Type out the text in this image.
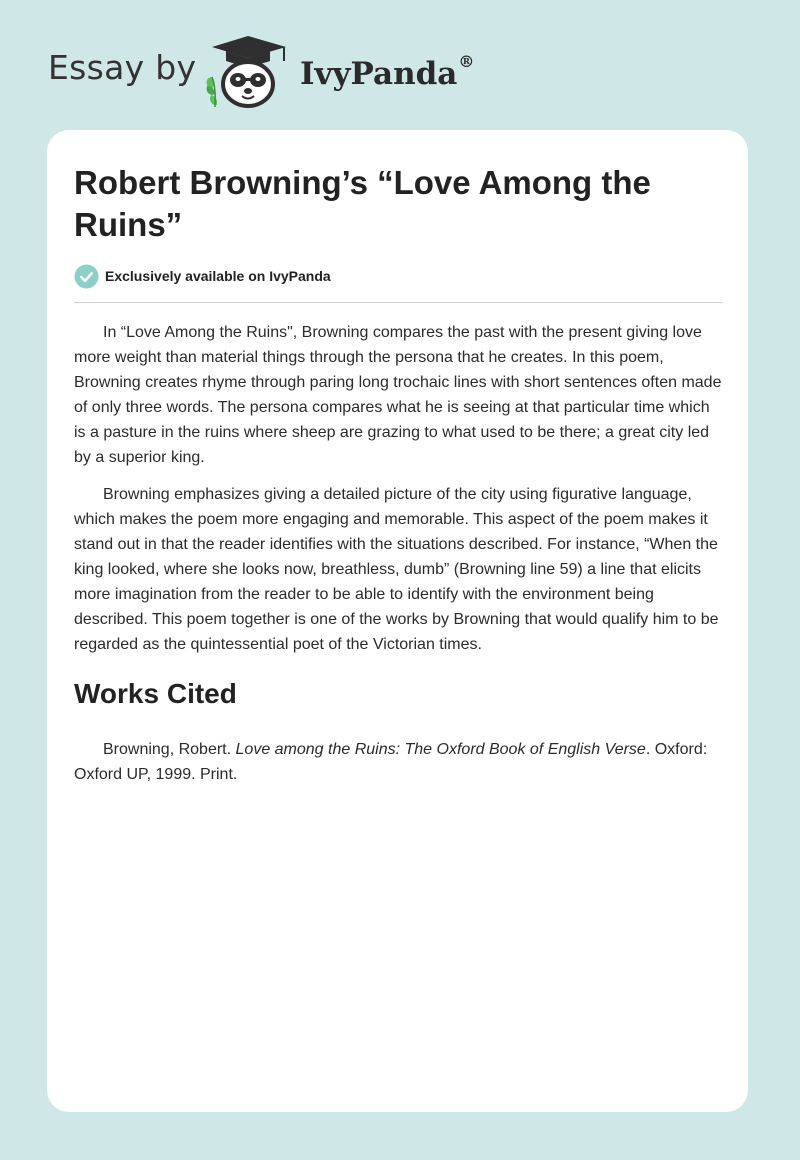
Essay by	IvyPanda®
Robert Browning’s “Love Among the Ruins”
Exclusively available on IvyPanda

In “Love Among the Ruins", Browning compares the past with the present giving love more weight than material things through the persona that he creates. In this poem, Browning creates rhyme through paring long trochaic lines with short sentences often made of only three words. The persona compares what he is seeing at that particular time which is a pasture in the ruins where sheep are grazing to what used to be there; a great city led by a superior king.

Browning emphasizes giving a detailed picture of the city using figurative language, which makes the poem more engaging and memorable. This aspect of the poem makes it stand out in that the reader identifies with the situations described. For instance, “When the king looked, where she looks now, breathless, dumb” (Browning line 59) a line that elicits more imagination from the reader to be able to identify with the environment being described. This poem together is one of the works by Browning that would qualify him to be regarded as the quintessential poet of the Victorian times.

Works Cited

Browning, Robert. Love among the Ruins: The Oxford Book of English Verse. Oxford: Oxford UP, 1999. Print.
